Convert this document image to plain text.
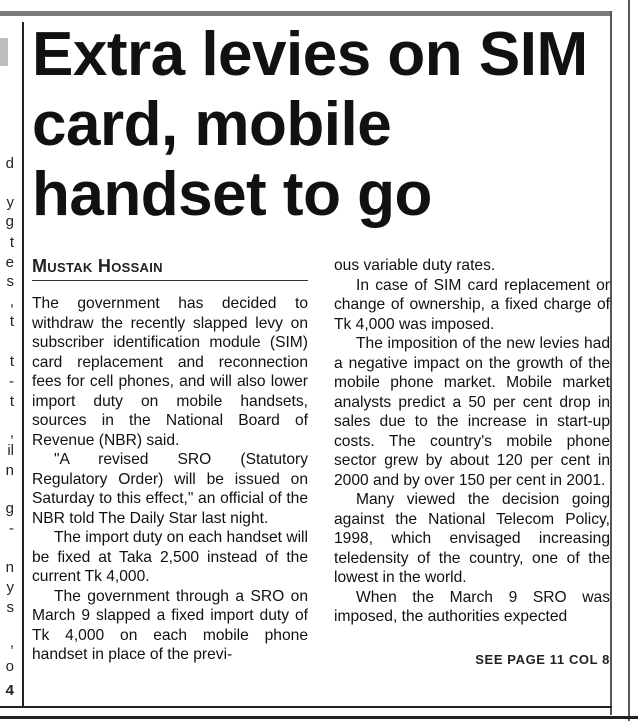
d
y
g
t
e
s
,
t
t
-
t
,
il
n
g
-
n
y
s
,
o
4
Extra levies on SIM card, mobile handset to go
Mustak Hossain

The government has decided to withdraw the recently slapped levy on subscriber identification module (SIM) card replacement and reconnection fees for cell phones, and will also lower import duty on mobile handsets, sources in the National Board of Revenue (NBR) said.

"A revised SRO (Statutory Regulatory Order) will be issued on Saturday to this effect," an official of the NBR told The Daily Star last night.

The import duty on each handset will be fixed at Taka 2,500 instead of the current Tk 4,000.

The government through a SRO on March 9 slapped a fixed import duty of Tk 4,000 on each mobile phone handset in place of the previ-

ous variable duty rates.

In case of SIM card replacement or change of ownership, a fixed charge of Tk 4,000 was imposed.

The imposition of the new levies had a negative impact on the growth of the mobile phone market. Mobile market analysts predict a 50 per cent drop in sales due to the increase in start-up costs. The country's mobile phone sector grew by about 120 per cent in 2000 and by over 150 per cent in 2001.

Many viewed the decision going against the National Telecom Policy, 1998, which envisaged increasing teledensity of the country, one of the lowest in the world.

When the March 9 SRO was imposed, the authorities expected

SEE PAGE 11 COL 8
